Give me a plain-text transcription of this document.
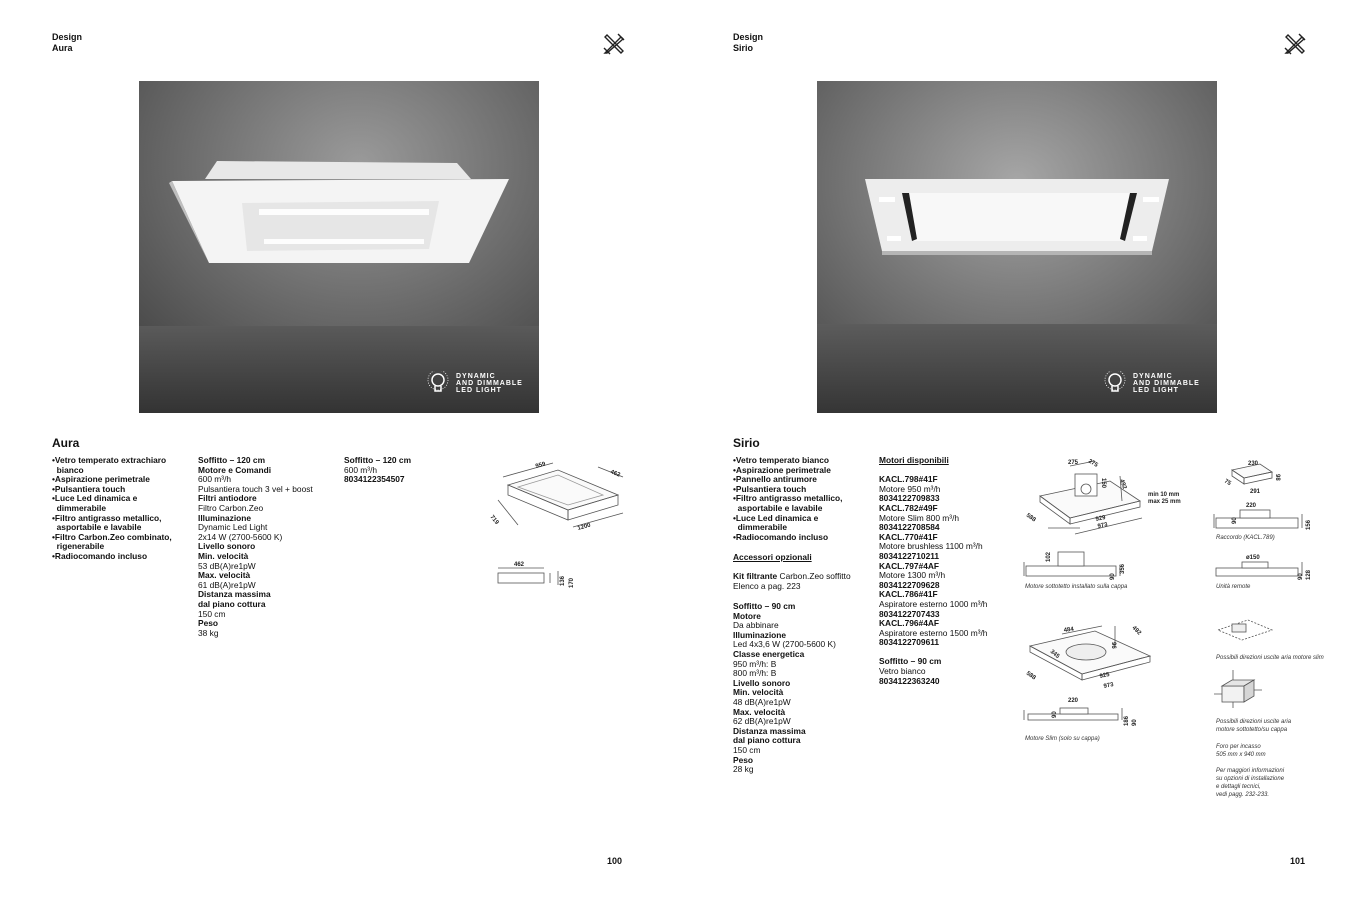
Design
Aura
DYNAMIC
AND DIMMABLE
LED LIGHT
Aura
•Vetro temperato extrachiaro
bianco
•Aspirazione perimetrale
•Pulsantiera touch
•Luce Led dinamica e
dimmerabile
•Filtro antigrasso metallico,
asportabile e lavabile
•Filtro Carbon.Zeo combinato,
rigenerabile
•Radiocomando incluso
Soffitto – 120 cm
Motore e Comandi
600 m³/h
Pulsantiera touch 3 vel + boost
Filtri antiodore
Filtro Carbon.Zeo
Illuminazione
Dynamic Led Light
2x14 W (2700-5600 K)
Livello sonoro
Min. velocità
53 dB(A)re1pW
Max. velocità
61 dB(A)re1pW
Distanza massima
dal piano cottura
150 cm
Peso
38 kg
Soffitto – 120 cm
600 m³/h
8034122354507
959
462
719
1200
462
136 170
100
Design
Sirio
DYNAMIC
AND DIMMABLE
LED LIGHT
Sirio
•Vetro temperato bianco
•Aspirazione perimetrale
•Pannello antirumore
•Pulsantiera touch
•Filtro antigrasso metallico,
asportabile e lavabile
•Luce Led dinamica e
dimmerabile
•Radiocomando incluso
Accessori opzionali
Kit filtrante Carbon.Zeo soffitto
Elenco a pag. 223
Soffitto – 90 cm
Motore
Da abbinare
Illuminazione
Led 4x3,6 W (2700-5600 K)
Classe energetica
950 m³/h: B
800 m³/h: B
Livello sonoro
Min. velocità
48 dB(A)re1pW
Max. velocità
62 dB(A)re1pW
Distanza massima
dal piano cottura
150 cm
Peso
28 kg
Motori disponibili
KACL.798#41F
Motore 950 m³/h
8034122709833
KACL.782#49F
Motore Slim 800 m³/h
8034122708584
KACL.770#41F
Motore brushless 1100 m³/h
8034122710211
KACL.797#4AF
Motore 1300 m³/h
8034122709628
KACL.786#41F
Aspiratore esterno 1000 m³/h
8034122707433
KACL.796#4AF
Aspiratore esterno 1500 m³/h
8034122709611
Soffitto – 90 cm
Vetro bianco
8034122363240
275 275
150 492
min 10 mm
max 25 mm
588	929
973
102
90
356
484
96
492
345
588	925
973
220
90
186 90
Motore sottotetto installato sulla cappa
Motore Slim (solo su cappa)
230
75
98
291
220
90	156
ø150
90 128
Raccordo (KACL.789)
Unità remote
Possibili direzioni uscite aria motore slim
Possibili direzioni uscite aria
motore sottotetto/su cappa
Foro per incasso
505 mm x 940 mm
Per maggiori informazioni
su opzioni di installazione
e dettagli tecnici,
vedi pagg. 232-233.
101
